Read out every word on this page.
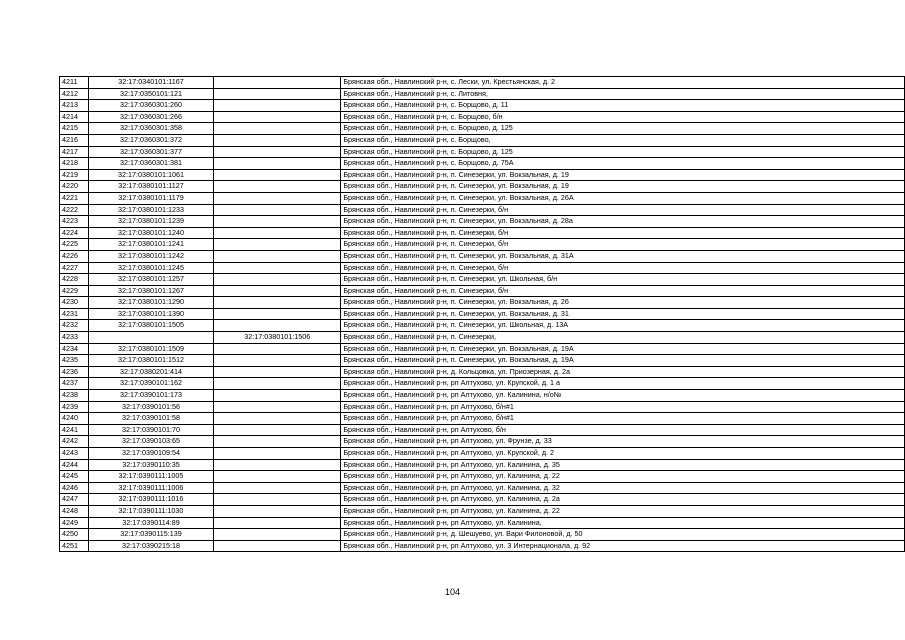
4211	32:17:0340101:1167		Брянская обл., Навлинский р-н, с. Лески, ул. Крестьянская, д. 2
4212	32:17:0350101:121		Брянская обл., Навлинский р-н, с. Литовня,
4213	32:17:0360301:260		Брянская обл., Навлинский р-н, с. Борщово, д. 11
4214	32:17:0360301:266		Брянская обл., Навлинский р-н, с. Борщово, б/н
4215	32:17:0360301:358		Брянская обл., Навлинский р-н, с. Борщово, д. 125
4216	32:17:0360301:372		Брянская обл., Навлинский р-н, с. Борщово,
4217	32:17:0360301:377		Брянская обл., Навлинский р-н, с. Борщово, д. 125
4218	32:17:0360301:381		Брянская обл., Навлинский р-н, с. Борщово, д. 75А
4219	32:17:0380101:1061		Брянская обл., Навлинский р-н, п. Синезерки, ул. Вокзальная, д. 19
4220	32:17:0380101:1127		Брянская обл., Навлинский р-н, п. Синезерки, ул. Вокзальная, д. 19
4221	32:17:0380101:1179		Брянская обл., Навлинский р-н, п. Синезерки, ул. Вокзальная, д. 26А
4222	32:17:0380101:1233		Брянская обл., Навлинский р-н, п. Синезерки, б/н
4223	32:17:0380101:1239		Брянская обл., Навлинский р-н, п. Синезерки, ул. Вокзальная, д. 28а
4224	32:17:0380101:1240		Брянская обл., Навлинский р-н, п. Синезерки, б/н
4225	32:17:0380101:1241		Брянская обл., Навлинский р-н, п. Синезерки, б/н
4226	32:17:0380101:1242		Брянская обл., Навлинский р-н, п. Синезерки, ул. Вокзальная, д. 31А
4227	32:17:0380101:1245		Брянская обл., Навлинский р-н, п. Синезерки, б/н
4228	32:17:0380101:1257		Брянская обл., Навлинский р-н, п. Синезерки, ул. Школьная, б/н
4229	32:17:0380101:1267		Брянская обл., Навлинский р-н, п. Синезерки, б/н
4230	32:17:0380101:1290		Брянская обл., Навлинский р-н, п. Синезерки, ул. Вокзальная, д. 26
4231	32:17:0380101:1390		Брянская обл., Навлинский р-н, п. Синезерки, ул. Вокзальная, д. 31
4232	32:17:0380101:1505		Брянская обл., Навлинский р-н, п. Синезерки, ул. Школьная, д. 13А
4233		32:17:0380101:1506	Брянская обл., Навлинский р-н, п. Синезерки,
4234	32:17:0380101:1509		Брянская обл., Навлинский р-н, п. Синезерки, ул. Вокзальная, д. 19А
4235	32:17:0380101:1512		Брянская обл., Навлинский р-н, п. Синезерки, ул. Вокзальная, д. 19А
4236	32:17:0380201:414		Брянская обл., Навлинский р-н, д. Кольцовка, ул. Приозерная, д. 2а
4237	32:17:0390101:162		Брянская обл., Навлинский р-н, рп Алтухово, ул. Крупской, д. 1 а
4238	32:17:0390101:173		Брянская обл., Навлинский р-н, рп Алтухово, ул. Калинина, н/о№
4239	32:17:0390101:56		Брянская обл., Навлинский р-н, рп Алтухово, б/н#1
4240	32:17:0390101:58		Брянская обл., Навлинский р-н, рп Алтухово, б/н#1
4241	32:17:0390101:70		Брянская обл., Навлинский р-н, рп Алтухово, б/н
4242	32:17:0390103:65		Брянская обл., Навлинский р-н, рп Алтухово, ул. Фрунзе, д. 33
4243	32:17:0390109:54		Брянская обл., Навлинский р-н, рп Алтухово, ул. Крупской, д. 2
4244	32:17:0390110:35		Брянская обл., Навлинский р-н, рп Алтухово, ул. Калинина, д. 35
4245	32:17:0390111:1005		Брянская обл., Навлинский р-н, рп Алтухово, ул. Калинина, д. 22
4246	32:17:0390111:1006		Брянская обл., Навлинский р-н, рп Алтухово, ул. Калинина, д. 32
4247	32:17:0390111:1016		Брянская обл., Навлинский р-н, рп Алтухово, ул. Калинина, д. 2а
4248	32:17:0390111:1030		Брянская обл., Навлинский р-н, рп Алтухово, ул. Калинина, д. 22
4249	32:17:0390114:89		Брянская обл., Навлинский р-н, рп Алтухово, ул. Калинина,
4250	32:17:0390115:139		Брянская обл., Навлинский р-н, д. Шешуево, ул. Вари Филоновой, д. 50
4251	32:17:0390215:18		Брянская обл., Навлинский р-н, рп Алтухово, ул. 3 Интернационала, д. 92
104
